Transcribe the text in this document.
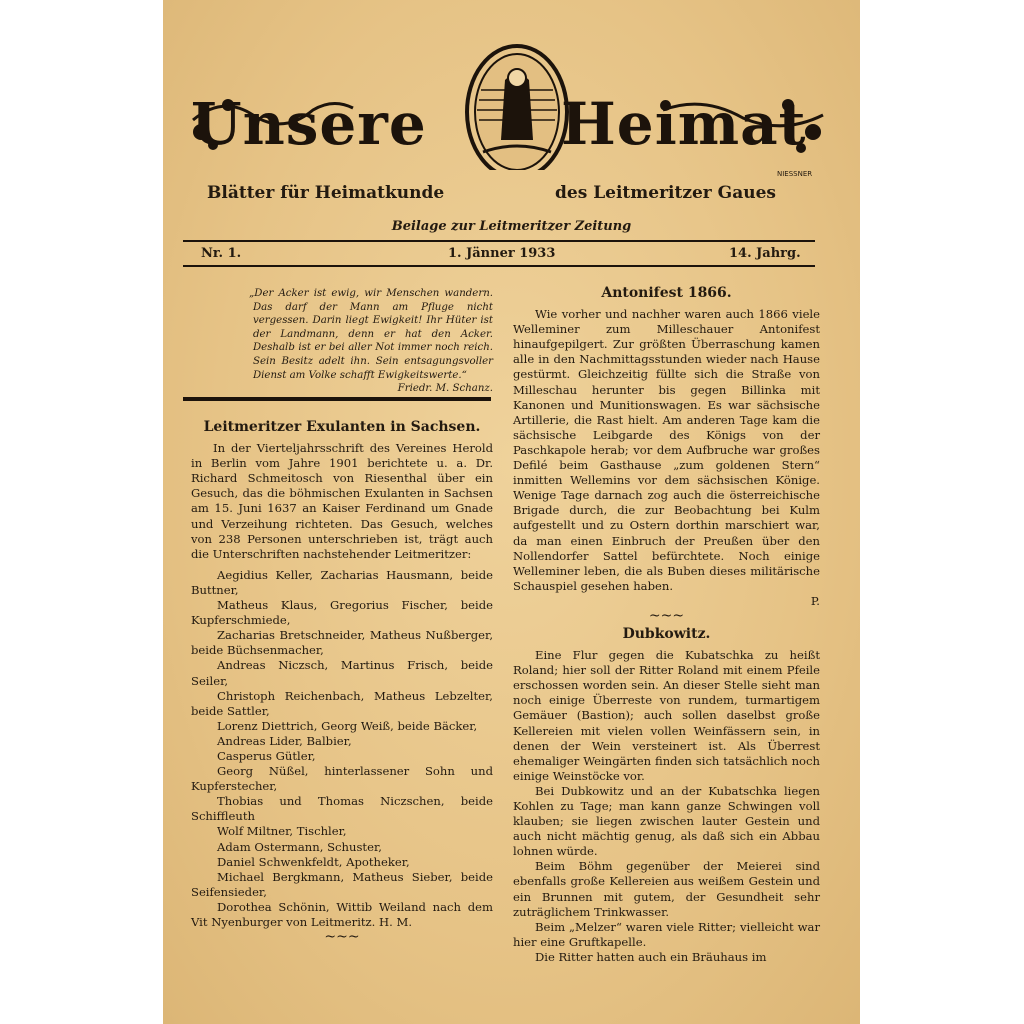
Unsere Heimat
NIESSNER
Blätter für Heimatkunde	des Leitmeritzer Gaues
Beilage zur Leitmeritzer Zeitung
Nr. 1.	1. Jänner 1933	14. Jahrg.

„Der Acker ist ewig, wir Menschen wandern. Das darf der Mann am Pfluge nicht vergessen. Darin liegt Ewigkeit! Ihr Hüter ist der Landmann, denn er hat den Acker. Deshalb ist er bei aller Not immer noch reich. Sein Besitz adelt ihn. Sein entsagungsvoller Dienst am Volke schafft Ewigkeitswerte.“

Friedr. M. Schanz.
Leitmeritzer Exulanten in Sachsen.

In der Vierteljahrsschrift des Vereines Herold in Berlin vom Jahre 1901 berichtete u. a. Dr. Richard Schmeitosch von Riesenthal über ein Gesuch, das die böhmischen Exulanten in Sachsen am 15. Juni 1637 an Kaiser Ferdinand um Gnade und Verzeihung richteten. Das Gesuch, welches von 238 Personen unterschrieben ist, trägt auch die Unterschriften nachstehender Leitmeritzer:

Aegidius Keller, Zacharias Hausmann, beide Buttner,

Matheus Klaus, Gregorius Fischer, beide Kupferschmiede,

Zacharias Bretschneider, Matheus Nußberger, beide Büchsenmacher,

Andreas Niczsch, Martinus Frisch, beide Seiler,

Christoph Reichenbach, Matheus Lebzelter, beide Sattler,

Lorenz Diettrich, Georg Weiß, beide Bäcker,

Andreas Lider, Balbier,

Casperus Gütler,

Georg Nüßel, hinterlassener Sohn und Kupferstecher,

Thobias und Thomas Niczschen, beide Schiffleuth

Wolf Miltner, Tischler,

Adam Ostermann, Schuster,

Daniel Schwenkfeldt, Apotheker,

Michael Bergkmann, Matheus Sieber, beide Seifensieder,

Dorothea Schönin, Wittib Weiland nach dem Vit Nyenburger von Leitmeritz. H. M.

~~~
Antonifest 1866.

Wie vorher und nachher waren auch 1866 viele Welleminer zum Milleschauer Antonifest hinaufgepilgert. Zur größten Überraschung kamen alle in den Nachmittagsstunden wieder nach Hause gestürmt. Gleichzeitig füllte sich die Straße von Milleschau herunter bis gegen Billinka mit Kanonen und Munitionswagen. Es war sächsische Artillerie, die Rast hielt. Am anderen Tage kam die sächsische Leibgarde des Königs von der Paschkapole herab; vor dem Aufbruche war großes Defilé beim Gasthause „zum goldenen Stern“ inmitten Wellemins vor dem sächsischen Könige. Wenige Tage darnach zog auch die österreichische Brigade durch, die zur Beobachtung bei Kulm aufgestellt und zu Ostern dorthin marschiert war, da man einen Einbruch der Preußen über den Nollendorfer Sattel befürchtete. Noch einige Welleminer leben, die als Buben dieses militärische Schauspiel gesehen haben.

P.
~~~
Dubkowitz.

Eine Flur gegen die Kubatschka zu heißt Roland; hier soll der Ritter Roland mit einem Pfeile erschossen worden sein. An dieser Stelle sieht man noch einige Überreste von rundem, turmartigem Gemäuer (Bastion); auch sollen daselbst große Kellereien mit vielen vollen Weinfässern sein, in denen der Wein versteinert ist. Als Überrest ehemaliger Weingärten finden sich tatsächlich noch einige Weinstöcke vor.

Bei Dubkowitz und an der Kubatschka liegen Kohlen zu Tage; man kann ganze Schwingen voll klauben; sie liegen zwischen lauter Gestein und auch nicht mächtig genug, als daß sich ein Abbau lohnen würde.

Beim Böhm gegenüber der Meierei sind ebenfalls große Kellereien aus weißem Gestein und ein Brunnen mit gutem, der Gesundheit sehr zuträglichem Trinkwasser.

Beim „Melzer“ waren viele Ritter; vielleicht war hier eine Gruftkapelle.

Die Ritter hatten auch ein Bräuhaus im
